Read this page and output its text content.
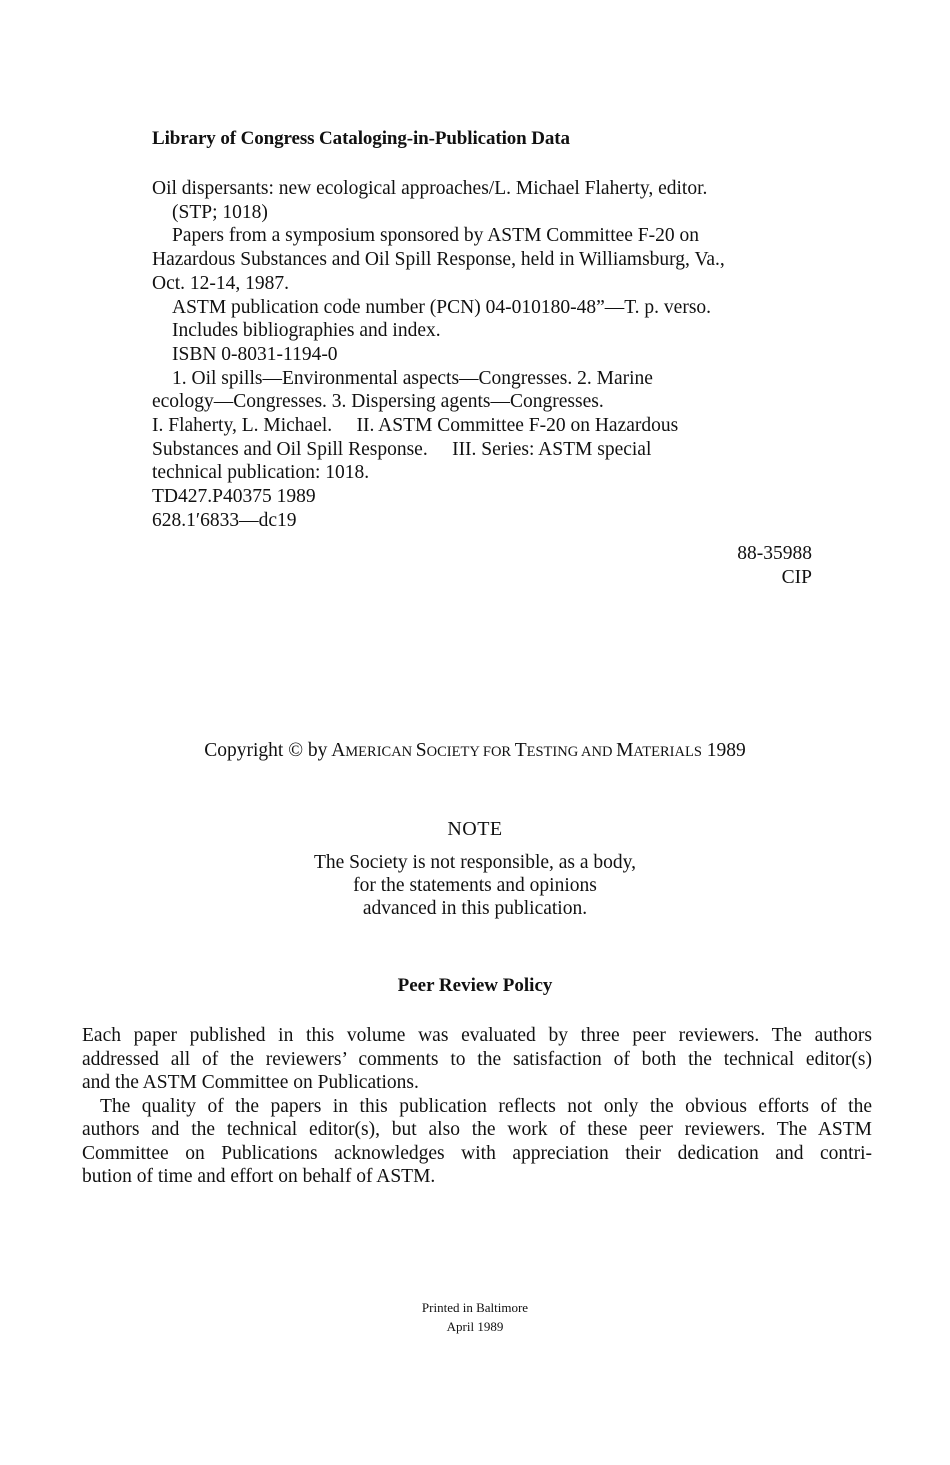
Library of Congress Cataloging-in-Publication Data

Oil dispersants: new ecological approaches/L. Michael Flaherty, editor.
(STP; 1018)
Papers from a symposium sponsored by ASTM Committee F-20 on
Hazardous Substances and Oil Spill Response, held in Williamsburg, Va.,
Oct. 12-14, 1987.
ASTM publication code number (PCN) 04-010180-48”—T. p. verso.
Includes bibliographies and index.
ISBN 0-8031-1194-0
1. Oil spills—Environmental aspects—Congresses. 2. Marine
ecology—Congresses. 3. Dispersing agents—Congresses.
I. Flaherty, L. Michael.     II. ASTM Committee F-20 on Hazardous
Substances and Oil Spill Response.     III. Series: ASTM special
technical publication: 1018.
TD427.P40375 1989
628.1′6833—dc19
88-35988
CIP

Copyright © by AMERICAN SOCIETY FOR TESTING AND MATERIALS 1989

NOTE

The Society is not responsible, as a body,
for the statements and opinions
advanced in this publication.

Peer Review Policy

Each paper published in this volume was evaluated by three peer reviewers. The authors
addressed all of the reviewers’ comments to the satisfaction of both the technical editor(s)
and the ASTM Committee on Publications.
The quality of the papers in this publication reflects not only the obvious efforts of the
authors and the technical editor(s), but also the work of these peer reviewers. The ASTM
Committee on Publications acknowledges with appreciation their dedication and contri-
bution of time and effort on behalf of ASTM.
Printed in Baltimore
April 1989
